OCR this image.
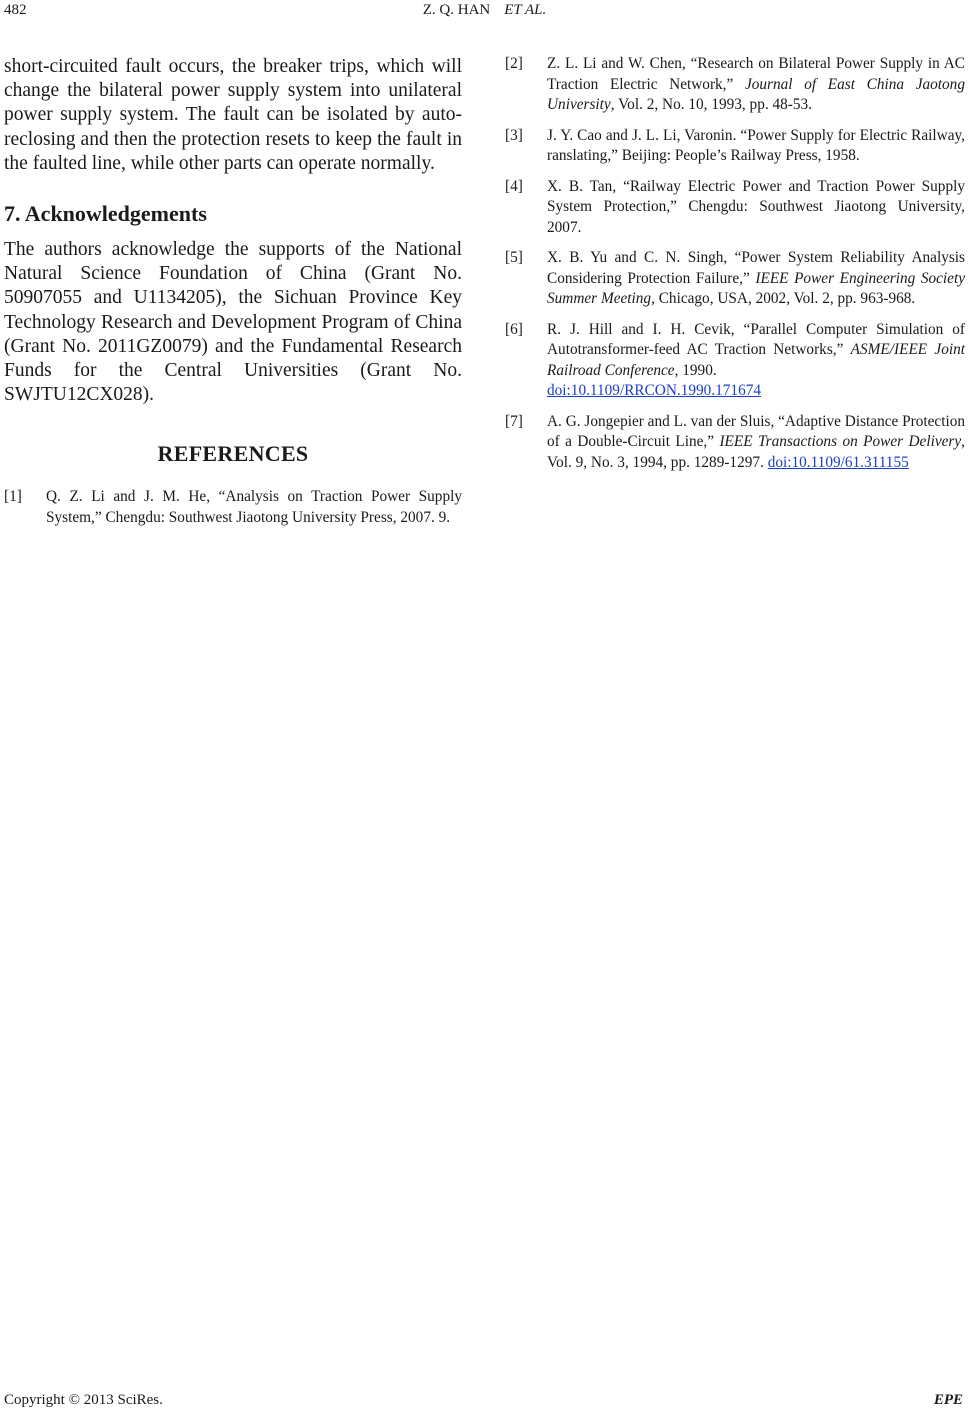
482	Z. Q. HAN ET AL.

short-circuited fault occurs, the breaker trips, which will change the bilateral power supply system into unilateral power supply system. The fault can be isolated by auto-reclosing and then the protection resets to keep the fault in the faulted line, while other parts can operate normally.

7. Acknowledgements

The authors acknowledge the supports of the National Natural Science Foundation of China (Grant No. 50907055 and U1134205), the Sichuan Province Key Technology Research and Development Program of China (Grant No. 2011GZ0079) and the Fundamental Research Funds for the Central Universities (Grant No. SWJTU12CX028).

REFERENCES
[1]	Q. Z. Li and J. M. He, “Analysis on Traction Power Supply System,” Chengdu: Southwest Jiaotong University Press, 2007. 9.
[2]	Z. L. Li and W. Chen, “Research on Bilateral Power Supply in AC Traction Electric Network,” Journal of East China Jaotong University, Vol. 2, No. 10, 1993, pp. 48-53.
[3]	J. Y. Cao and J. L. Li, Varonin. “Power Supply for Electric Railway, ranslating,” Beijing: People’s Railway Press, 1958.
[4]	X. B. Tan, “Railway Electric Power and Traction Power Supply System Protection,” Chengdu: Southwest Jiaotong University, 2007.
[5]	X. B. Yu and C. N. Singh, “Power System Reliability Analysis Considering Protection Failure,” IEEE Power Engineering Society Summer Meeting, Chicago, USA, 2002, Vol. 2, pp. 963-968.
[6]	R. J. Hill and I. H. Cevik, “Parallel Computer Simulation of Autotransformer-feed AC Traction Networks,” ASME/IEEE Joint Railroad Conference, 1990.
doi:10.1109/RRCON.1990.171674
[7]	A. G. Jongepier and L. van der Sluis, “Adaptive Distance Protection of a Double-Circuit Line,” IEEE Transactions on Power Delivery, Vol. 9, No. 3, 1994, pp. 1289-1297. doi:10.1109/61.311155
Copyright © 2013 SciRes.	EPE
